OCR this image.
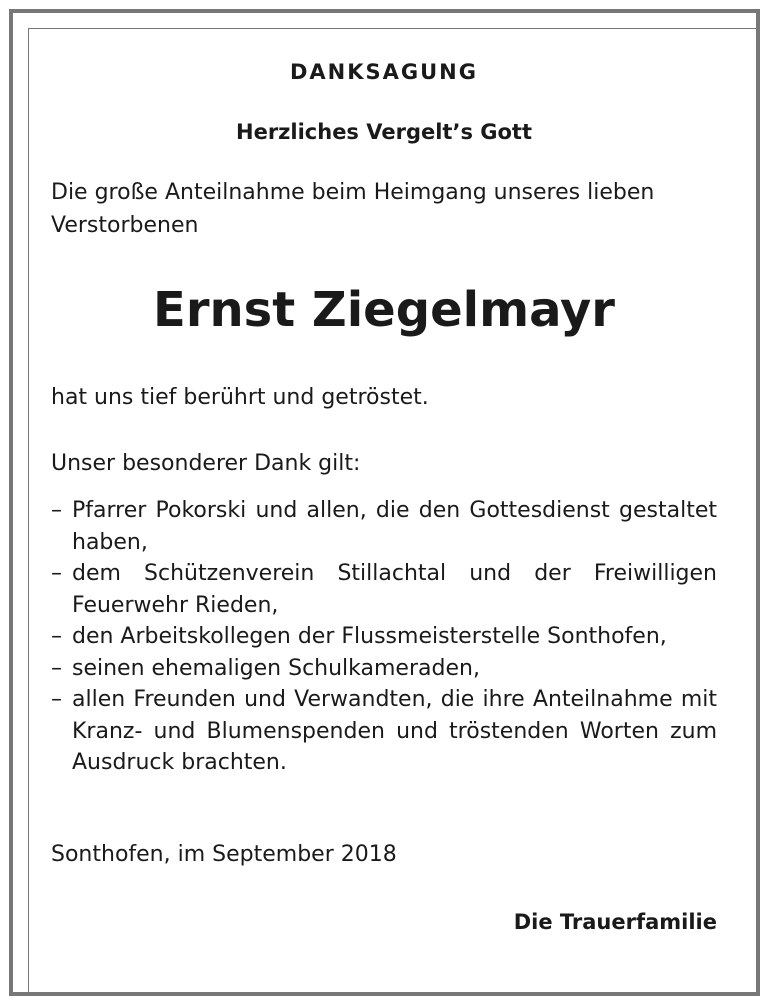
DANKSAGUNG
Herzliches Vergelt’s Gott
Die große Anteilnahme beim Heimgang unseres lieben Verstorbenen
Ernst Ziegelmayr
hat uns tief berührt und getröstet.
Unser besonderer Dank gilt:
– Pfarrer Pokorski und allen, die den Gottesdienst gestaltet haben,
– dem Schützenverein Stillachtal und der Freiwilligen Feuerwehr Rieden,
– den Arbeitskollegen der Flussmeisterstelle Sonthofen,
– seinen ehemaligen Schulkameraden,
– allen Freunden und Verwandten, die ihre Anteilnahme mit Kranz- und Blumenspenden und tröstenden Worten zum Ausdruck brachten.
Sonthofen, im September 2018
Die Trauerfamilie
